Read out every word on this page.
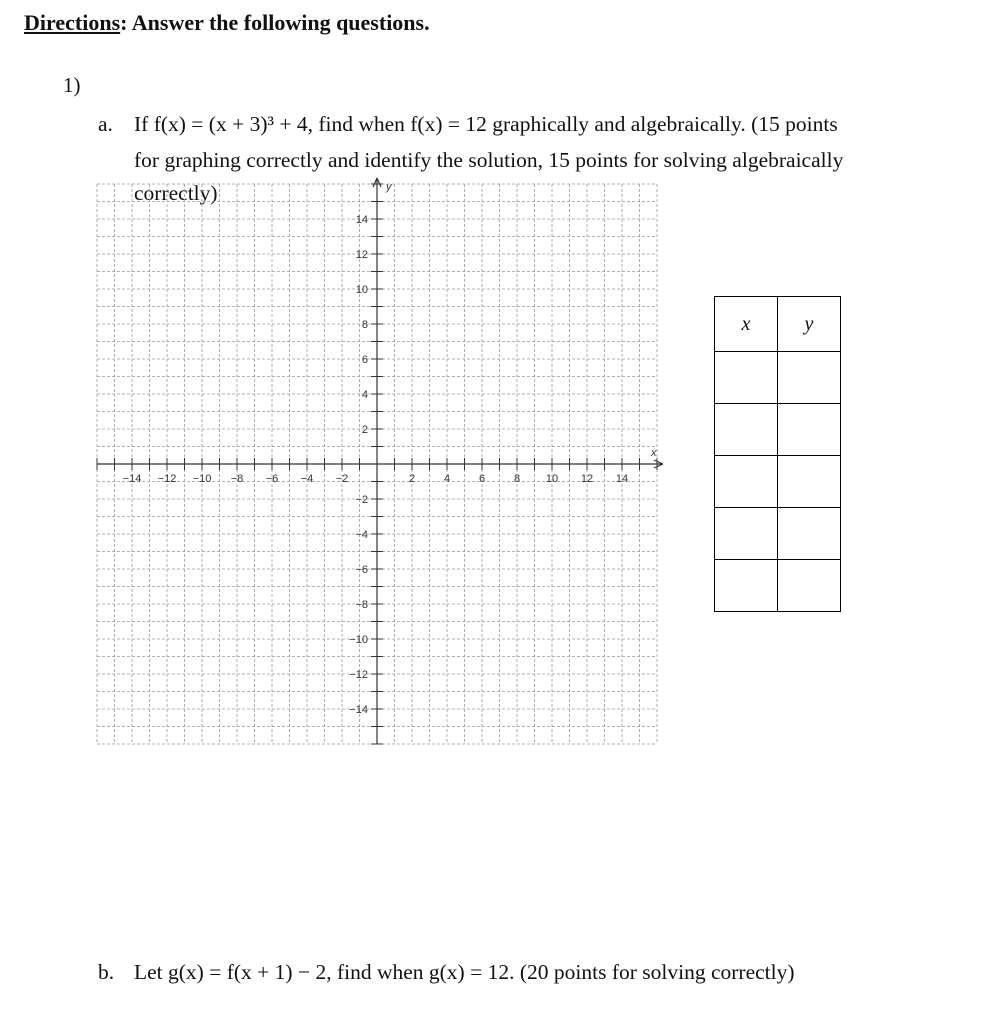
Directions: Answer the following questions.
1)
a. If f(x) = (x + 3)³ + 4, find when f(x) = 12 graphically and algebraically. (15 points
for graphing correctly and identify the solution, 15 points for solving algebraically
correctly)
−14 −12 −10 −8 −6 −4 −2	2	4	6	8 10 12 14
14
12
10
8
6
4
2
−2
−4
−6
−8
−10
−12
−14
x
y
x	y

b. Let g(x) = f(x + 1) − 2, find when g(x) = 12. (20 points for solving correctly)
